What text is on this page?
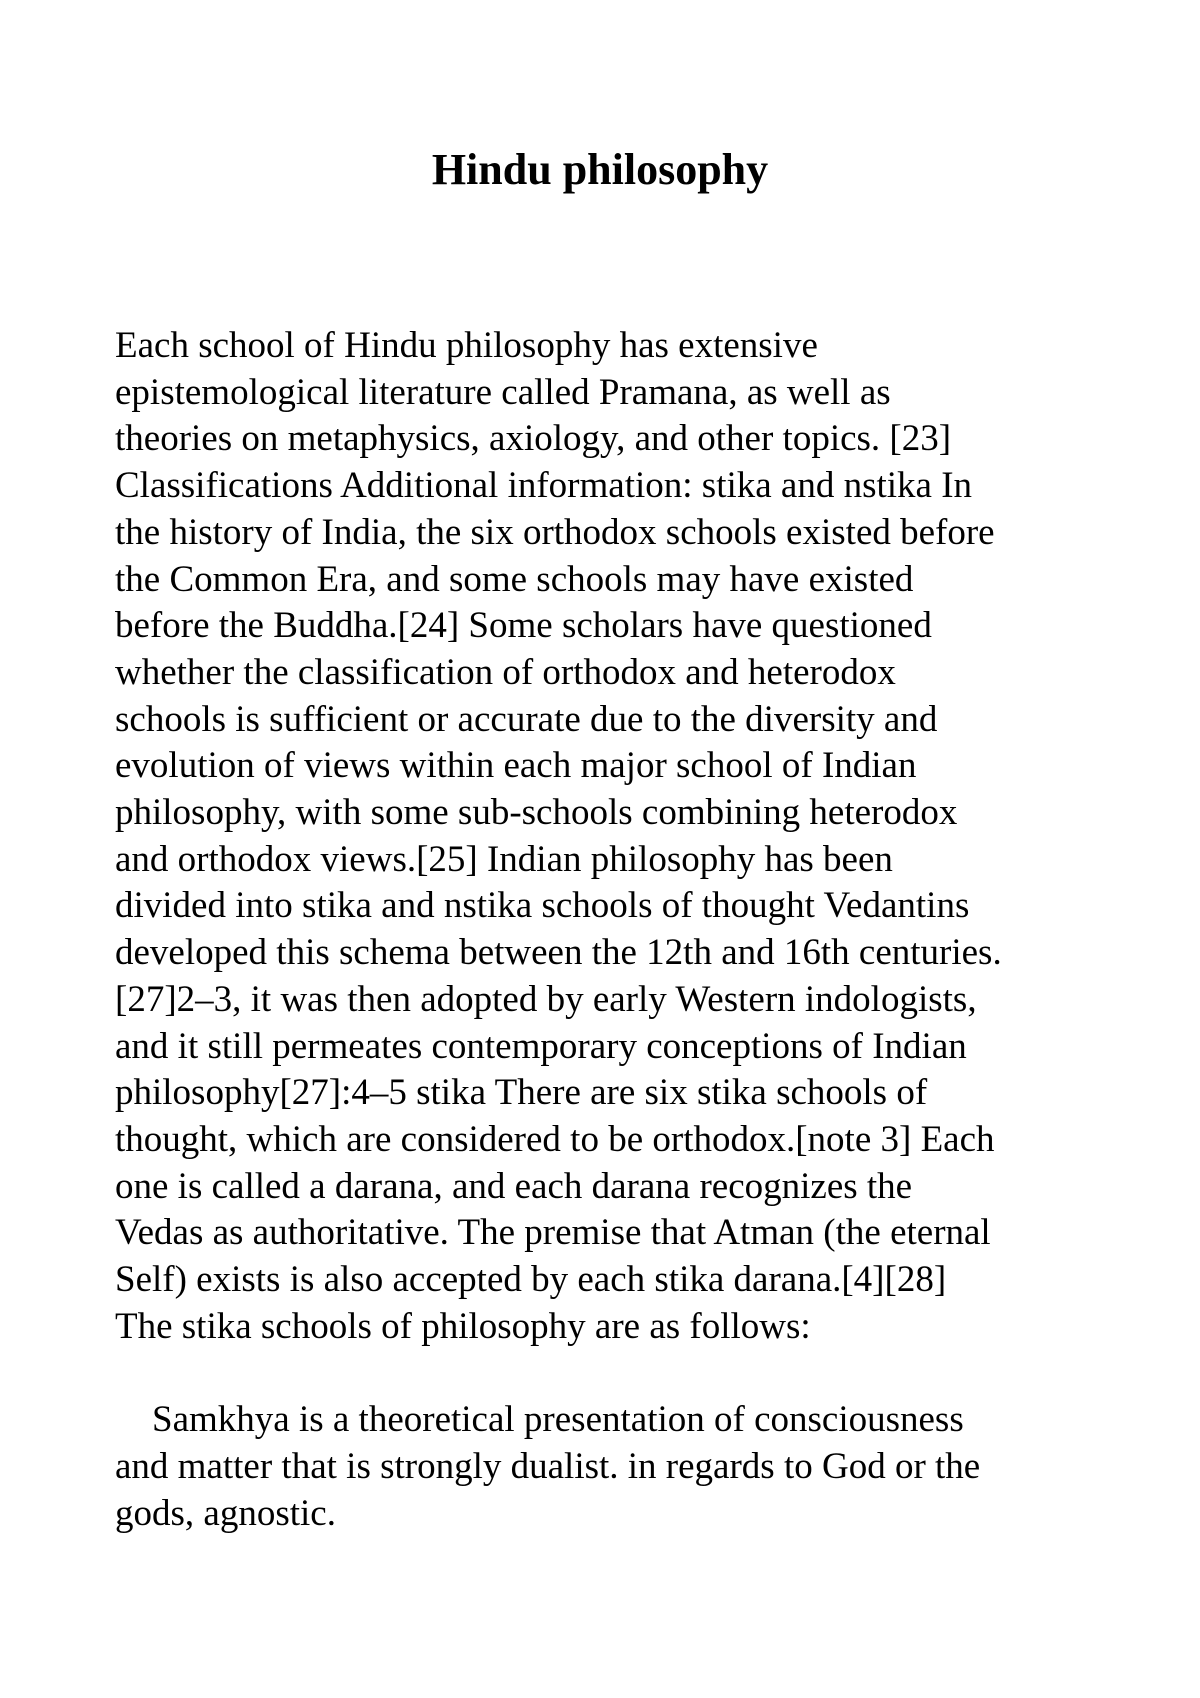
Hindu philosophy

Each school of Hindu philosophy has extensive
epistemological literature called Pramana, as well as
theories on metaphysics, axiology, and other topics. [23]
Classifications Additional information: stika and nstika In
the history of India, the six orthodox schools existed before
the Common Era, and some schools may have existed
before the Buddha.[24] Some scholars have questioned
whether the classification of orthodox and heterodox
schools is sufficient or accurate due to the diversity and
evolution of views within each major school of Indian
philosophy, with some sub-schools combining heterodox
and orthodox views.[25] Indian philosophy has been
divided into stika and nstika schools of thought Vedantins
developed this schema between the 12th and 16th centuries.
[27]2–3, it was then adopted by early Western indologists,
and it still permeates contemporary conceptions of Indian
philosophy[27]:4–5 stika There are six stika schools of
thought, which are considered to be orthodox.[note 3] Each
one is called a darana, and each darana recognizes the
Vedas as authoritative. The premise that Atman (the eternal
Self) exists is also accepted by each stika darana.[4][28]
The stika schools of philosophy are as follows:

Samkhya is a theoretical presentation of consciousness
and matter that is strongly dualist. in regards to God or the
gods, agnostic.
